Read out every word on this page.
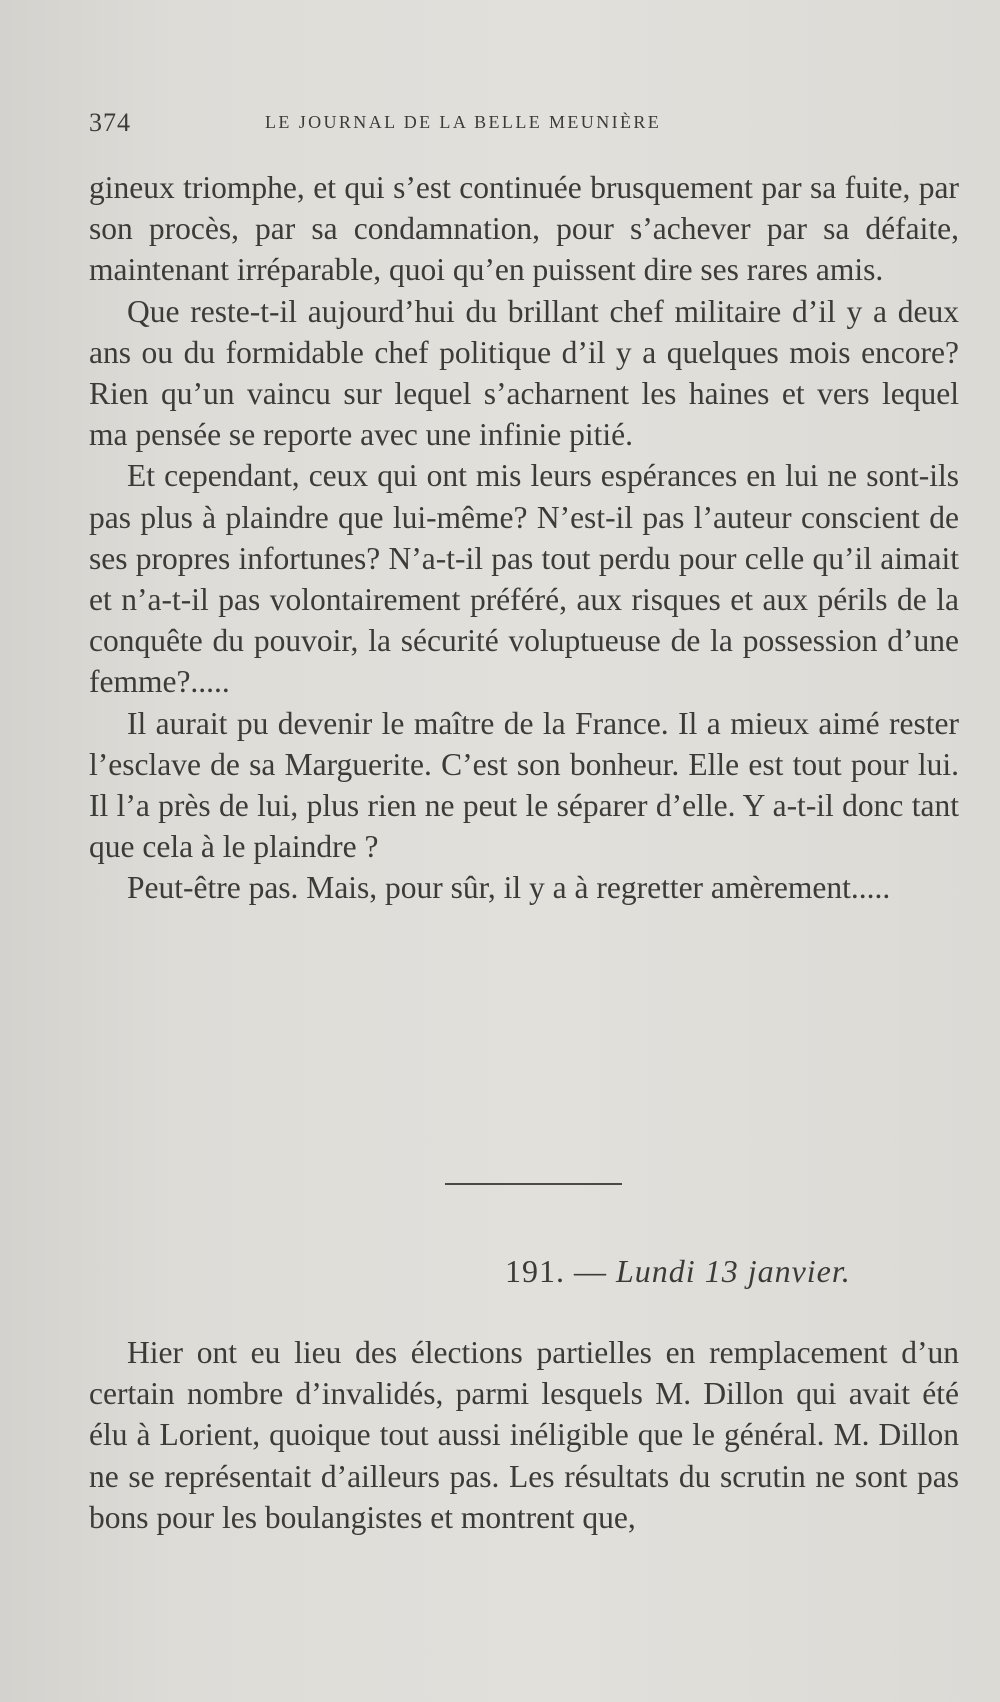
374	LE JOURNAL DE LA BELLE MEUNIÈRE

gineux triomphe, et qui s’est continuée brusquement par sa fuite, par son procès, par sa condamnation, pour s’achever par sa défaite, maintenant irréparable, quoi qu’en puissent dire ses rares amis.

Que reste-t-il aujourd’hui du brillant chef militaire d’il y a deux ans ou du formidable chef politique d’il y a quelques mois encore? Rien qu’un vaincu sur lequel s’acharnent les haines et vers lequel ma pensée se reporte avec une infinie pitié.

Et cependant, ceux qui ont mis leurs espérances en lui ne sont-ils pas plus à plaindre que lui-même? N’est-il pas l’auteur conscient de ses propres infortunes? N’a-t-il pas tout perdu pour celle qu’il aimait et n’a-t-il pas volontairement préféré, aux risques et aux périls de la conquête du pouvoir, la sécurité voluptueuse de la possession d’une femme?.....

Il aurait pu devenir le maître de la France. Il a mieux aimé rester l’esclave de sa Marguerite. C’est son bonheur. Elle est tout pour lui. Il l’a près de lui, plus rien ne peut le séparer d’elle. Y a-t-il donc tant que cela à le plaindre ?

Peut-être pas. Mais, pour sûr, il y a à regretter amèrement.....

191. — Lundi 13 janvier.

Hier ont eu lieu des élections partielles en remplacement d’un certain nombre d’invalidés, parmi lesquels M. Dillon qui avait été élu à Lorient, quoique tout aussi inéligible que le général. M. Dillon ne se représentait d’ailleurs pas. Les résultats du scrutin ne sont pas bons pour les boulangistes et montrent que,
